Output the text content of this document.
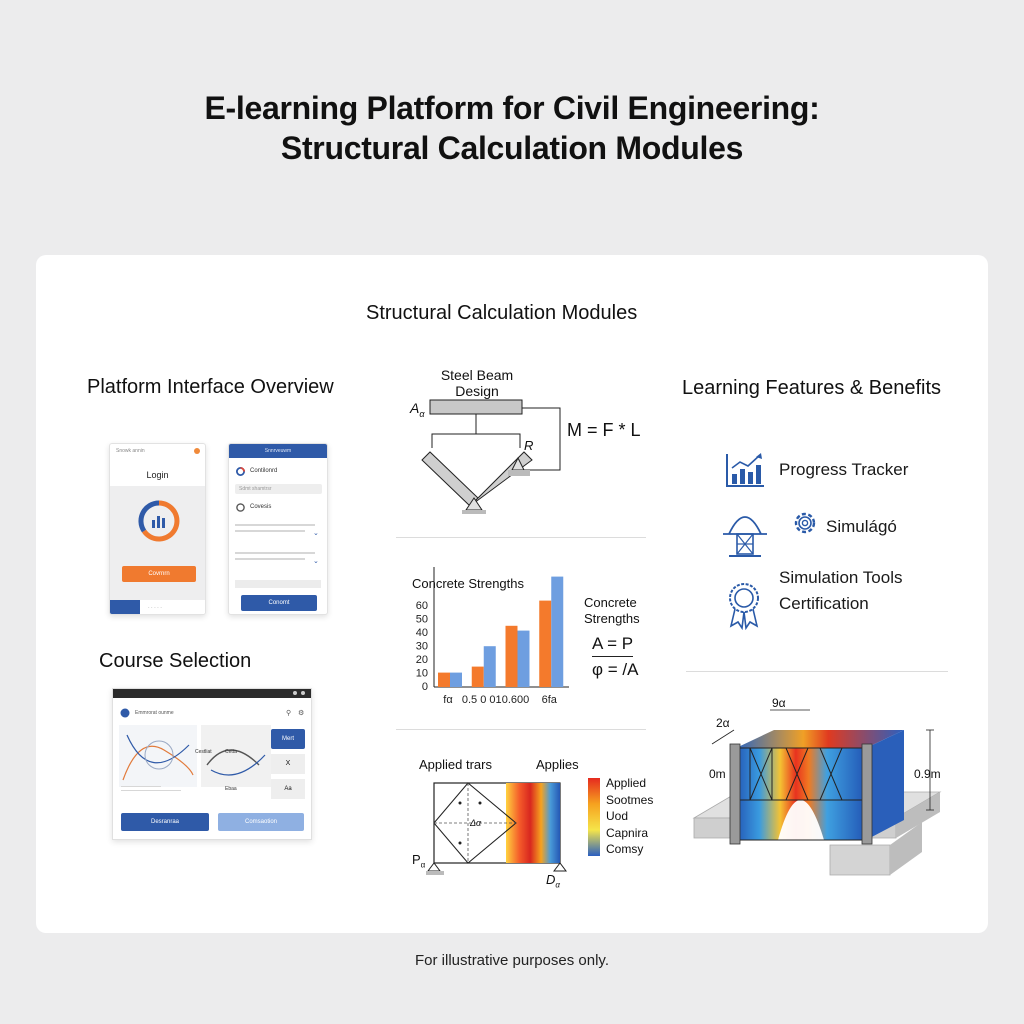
E-learning Platform for Civil Engineering:
Structural Calculation Modules
Structural Calculation Modules
Platform Interface Overview
Course Selection
Learning Features & Benefits
Snowk annin
Login
Covrnrn
· · · · ·
Snnrveuwm
Contilonrd
Sdmt shamtrsr
Covesis
⌄
⌄
Conomt
Emmrorat ounme	⚲ ⚙
Cestliat	Cetta
Ebaa
Mert
X
Aa
Desranraa	Comsaotion
Steel Beam
Design
$A_\alpha$
R
M = F * L
Concrete Strengths
0
10
20
30
40
50
60
fα 0.5 0 01 0.600 6fa
Concrete
Strengths
A = P
φ = /A
Applied trars	Applies
Δα
$P_\alpha$
$D_\alpha$
Applied
Sootmes
Uod
Capnira
Comsy
Progress Tracker
Simulágó
Simulation Tools
Certification
9α
2α
0m	0.9m
For illustrative purposes only.
